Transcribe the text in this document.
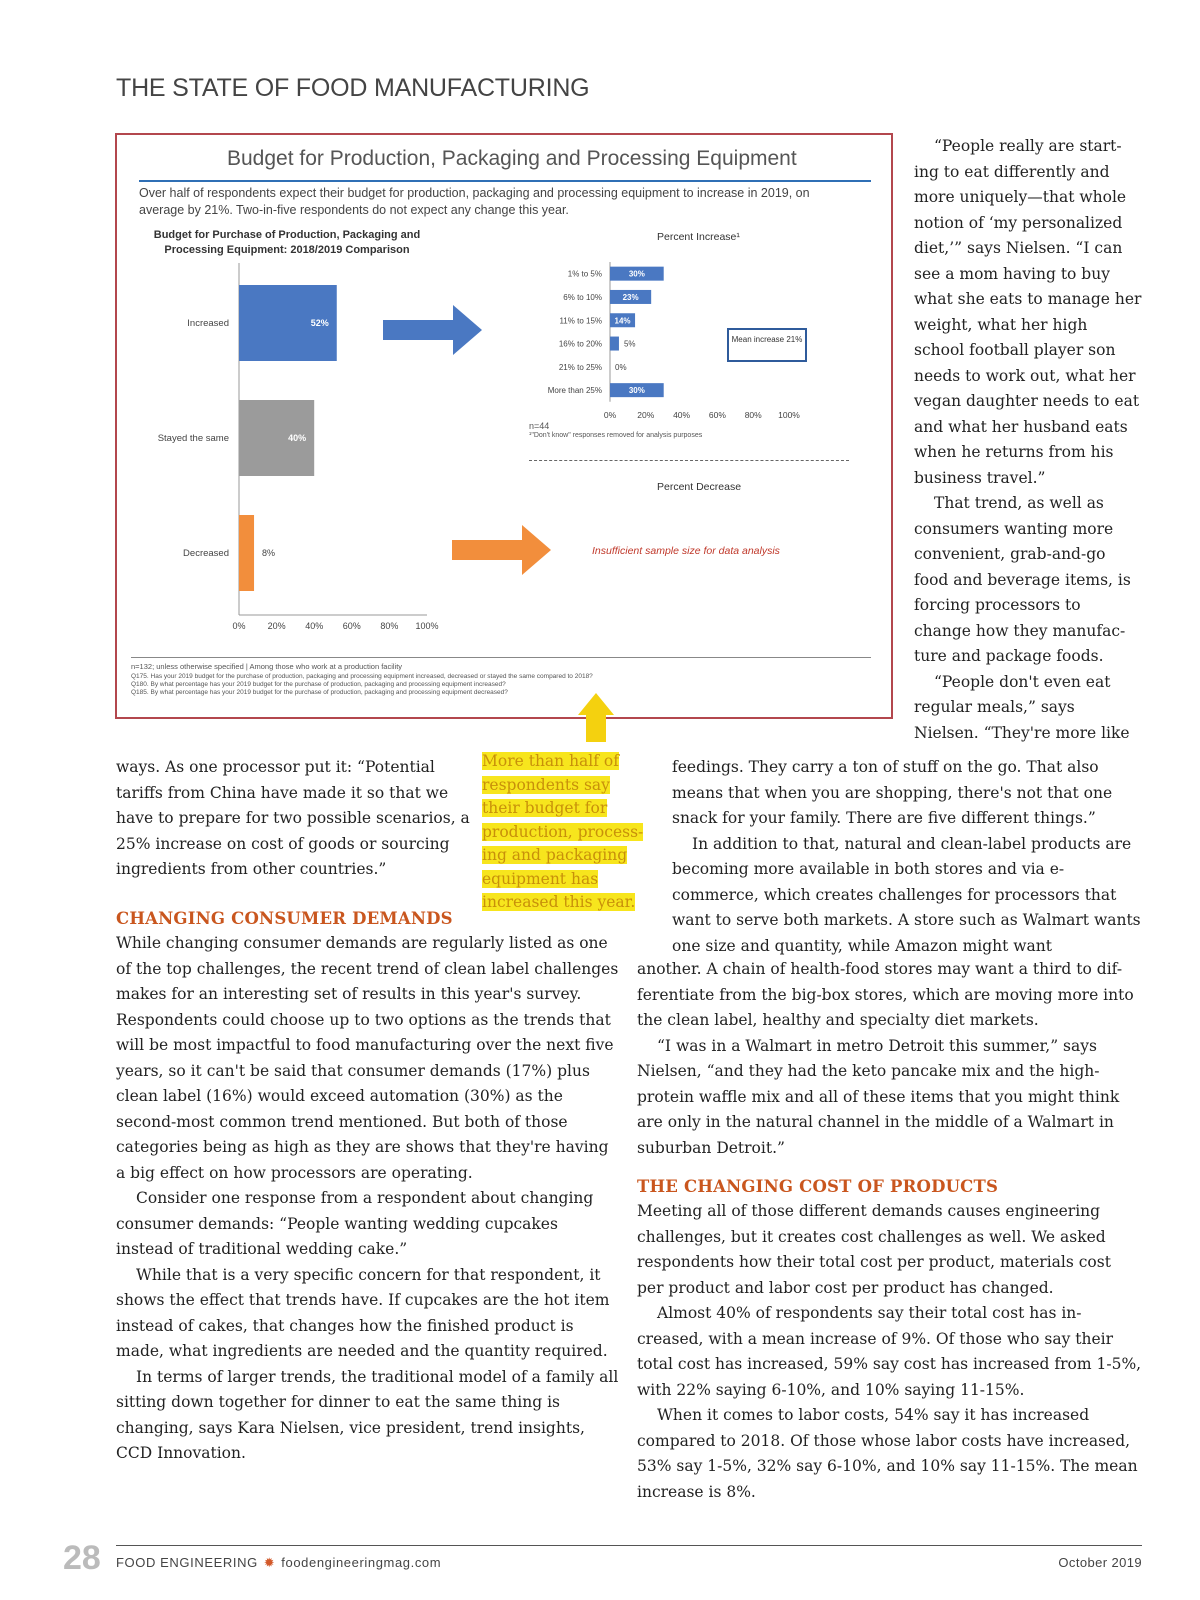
THE STATE OF FOOD MANUFACTURING
Budget for Production, Packaging and Processing Equipment
Over half of respondents expect their budget for production, packaging and processing equipment to increase in 2019, on average by 21%. Two-in-five respondents do not expect any change this year.
Budget for Purchase of Production, Packaging and Processing Equipment: 2018/2019 Comparison
Percent Increase¹
Increased	52%
Stayed the same	40%
Decreased	8%
0% 20% 40% 60% 80% 100%
1% to 5%	30%
6% to 10%	23%
11% to 15% 14%
16% to 20%	5%
21% to 25% 0%
More than 25%	30%
0% 20% 40% 60% 80% 100%
Mean increase 21%
n=44
¹"Don't know" responses removed for analysis purposes
Percent Decrease
Insufficient sample size for data analysis
n=132; unless otherwise specified | Among those who work at a production facility
Q175. Has your 2019 budget for the purchase of production, packaging and processing equipment increased, decreased or stayed the same compared to 2018?
Q180. By what percentage has your 2019 budget for the purchase of production, packaging and processing equipment increased?
Q185. By what percentage has your 2019 budget for the purchase of production, packaging and processing equipment decreased?
More than half of
respondents say
their budget for
production, process-
ing and packaging
equipment has
increased this year.

“People really are start-ing to eat differently and more uniquely—that whole notion of ‘my personalized diet,’” says Nielsen. “I can see a mom having to buy what she eats to manage her weight, what her high school football player son needs to work out, what her vegan daughter needs to eat and what her husband eats when he returns from his business travel.”

That trend, as well as consumers wanting more convenient, grab-and-go food and beverage items, is forcing processors to change how they manufac-ture and package foods.

“People don't even eat regular meals,” says Nielsen. “They're more like

ways. As one processor put it: “Potential tariffs from China have made it so that we have to prepare for two possible scenarios, a 25% increase on cost of goods or sourcing ingredients from other countries.”

CHANGING CONSUMER DEMANDS

While changing consumer demands are regularly listed as one of the top challenges, the recent trend of clean label challenges makes for an interesting set of results in this year's survey. Respondents could choose up to two options as the trends that will be most impactful to food manufacturing over the next five years, so it can't be said that consumer demands (17%) plus clean label (16%) would exceed automation (30%) as the second-most common trend mentioned. But both of those categories being as high as they are shows that they're having a big effect on how processors are operating.

Consider one response from a respondent about changing consumer demands: “People wanting wedding cupcakes instead of traditional wedding cake.”

While that is a very specific concern for that respondent, it shows the effect that trends have. If cupcakes are the hot item instead of cakes, that changes how the finished product is made, what ingredients are needed and the quantity required.

In terms of larger trends, the traditional model of a family all sitting down together for dinner to eat the same thing is changing, says Kara Nielsen, vice president, trend insights, CCD Innovation.

feedings. They carry a ton of stuff on the go. That also means that when you are shopping, there's not that one snack for your family. There are five different things.”

In addition to that, natural and clean-label products are becoming more available in both stores and via e-commerce, which creates challenges for processors that want to serve both markets. A store such as Walmart wants one size and quantity, while Amazon might want

another. A chain of health-food stores may want a third to dif-ferentiate from the big-box stores, which are moving more into the clean label, healthy and specialty diet markets.

“I was in a Walmart in metro Detroit this summer,” says Nielsen, “and they had the keto pancake mix and the high-protein waffle mix and all of these items that you might think are only in the natural channel in the middle of a Walmart in suburban Detroit.”

THE CHANGING COST OF PRODUCTS

Meeting all of those different demands causes engineering challenges, but it creates cost challenges as well. We asked respondents how their total cost per product, materials cost per product and labor cost per product has changed.

Almost 40% of respondents say their total cost has in-creased, with a mean increase of 9%. Of those who say their total cost has increased, 59% say cost has increased from 1-5%, with 22% saying 6-10%, and 10% saying 11-15%.

When it comes to labor costs, 54% say it has increased compared to 2018. Of those whose labor costs have increased, 53% say 1-5%, 32% say 6-10%, and 10% say 11-15%. The mean increase is 8%.

28 FOOD ENGINEERING ✹ foodengineeringmag.com	October 2019
